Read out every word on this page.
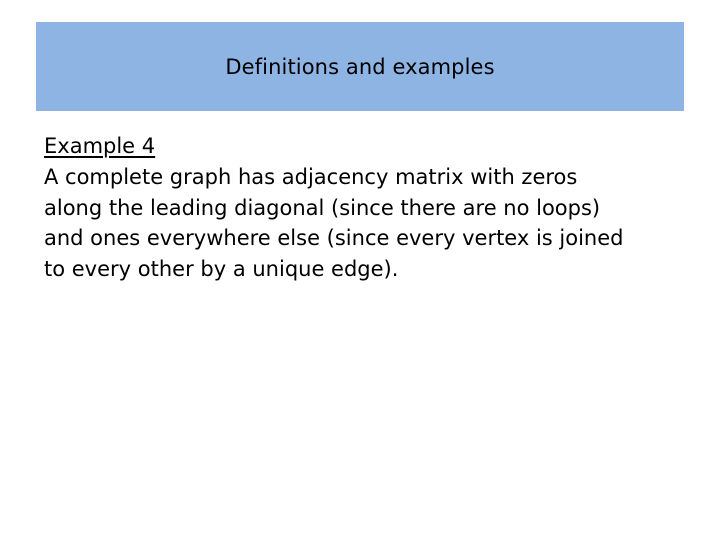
Definitions and examples
Example 4

A complete graph has adjacency matrix with zeros

along the leading diagonal (since there are no loops)

and ones everywhere else (since every vertex is joined

to every other by a unique edge).
